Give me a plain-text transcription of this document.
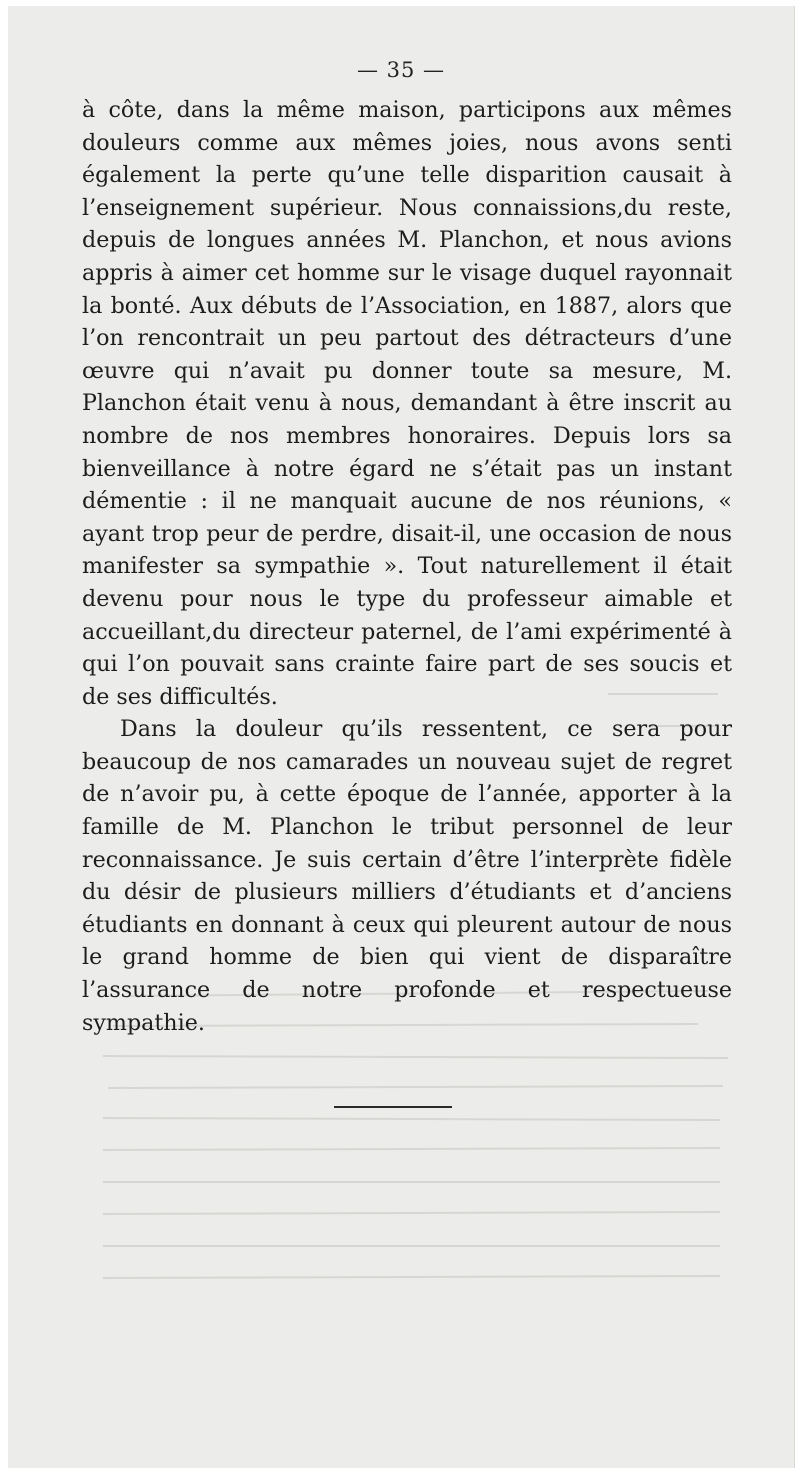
— 35 —

à côte, dans la même maison, participons aux mêmes douleurs comme aux mêmes joies, nous avons senti également la perte qu’une telle disparition causait à l’enseignement supérieur. Nous connaissions,du reste, depuis de longues années M. Planchon, et nous avions appris à aimer cet homme sur le visage duquel rayonnait la bonté. Aux débuts de l’Association, en 1887, alors que l’on rencontrait un peu partout des détracteurs d’une œuvre qui n’avait pu donner toute sa mesure, M. Planchon était venu à nous, demandant à être inscrit au nombre de nos membres honoraires. Depuis lors sa bienveillance à notre égard ne s’était pas un instant démentie : il ne manquait aucune de nos réunions, « ayant trop peur de perdre, disait-il, une occasion de nous manifester sa sympathie ». Tout naturellement il était devenu pour nous le type du professeur aimable et accueillant,du directeur paternel, de l’ami expérimenté à qui l’on pouvait sans crainte faire part de ses soucis et de ses difficultés.

Dans la douleur qu’ils ressentent, ce sera pour beaucoup de nos camarades un nouveau sujet de regret de n’avoir pu, à cette époque de l’année, apporter à la famille de M. Planchon le tribut personnel de leur reconnaissance. Je suis certain d’être l’interprète fidèle du désir de plusieurs milliers d’étudiants et d’anciens étudiants en donnant à ceux qui pleurent autour de nous le grand homme de bien qui vient de disparaître l’assurance de notre profonde et respectueuse sympathie.
